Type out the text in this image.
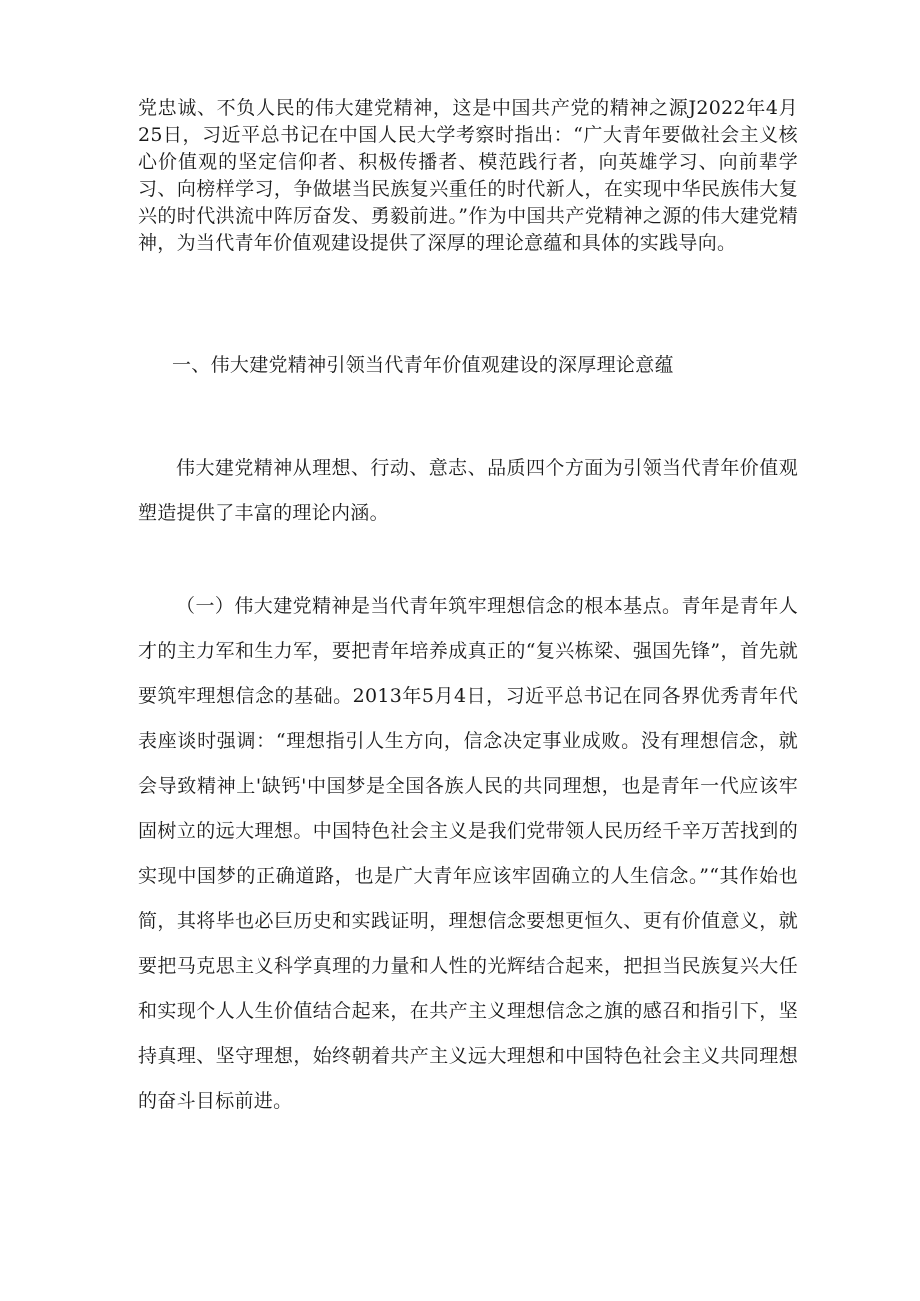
党忠诚、不负人民的伟大建党精神，这是中国共产党的精神之源J2022年4月25日，习近平总书记在中国人民大学考察时指出：“广大青年要做社会主义核心价值观的坚定信仰者、积极传播者、模范践行者，向英雄学习、向前辈学习、向榜样学习，争做堪当民族复兴重任的时代新人，在实现中华民族伟大复兴的时代洪流中阵厉奋发、勇毅前进。”作为中国共产党精神之源的伟大建党精神，为当代青年价值观建设提供了深厚的理论意蕴和具体的实践导向。

一、伟大建党精神引领当代青年价值观建设的深厚理论意蕴

伟大建党精神从理想、行动、意志、品质四个方面为引领当代青年价值观塑造提供了丰富的理论内涵。

（一）伟大建党精神是当代青年筑牢理想信念的根本基点。青年是青年人才的主力军和生力军，要把青年培养成真正的“复兴栋梁、强国先锋”，首先就要筑牢理想信念的基础。2013年5月4日，习近平总书记在同各界优秀青年代表座谈时强调：“理想指引人生方向，信念决定事业成败。没有理想信念，就会导致精神上'缺钙'中国梦是全国各族人民的共同理想，也是青年一代应该牢固树立的远大理想。中国特色社会主义是我们党带领人民历经千辛万苦找到的实现中国梦的正确道路，也是广大青年应该牢固确立的人生信念。”“其作始也简，其将毕也必巨历史和实践证明，理想信念要想更恒久、更有价值意义，就要把马克思主义科学真理的力量和人性的光辉结合起来，把担当民族复兴大任和实现个人人生价值结合起来，在共产主义理想信念之旗的感召和指引下，坚持真理、坚守理想，始终朝着共产主义远大理想和中国特色社会主义共同理想的奋斗目标前进。
